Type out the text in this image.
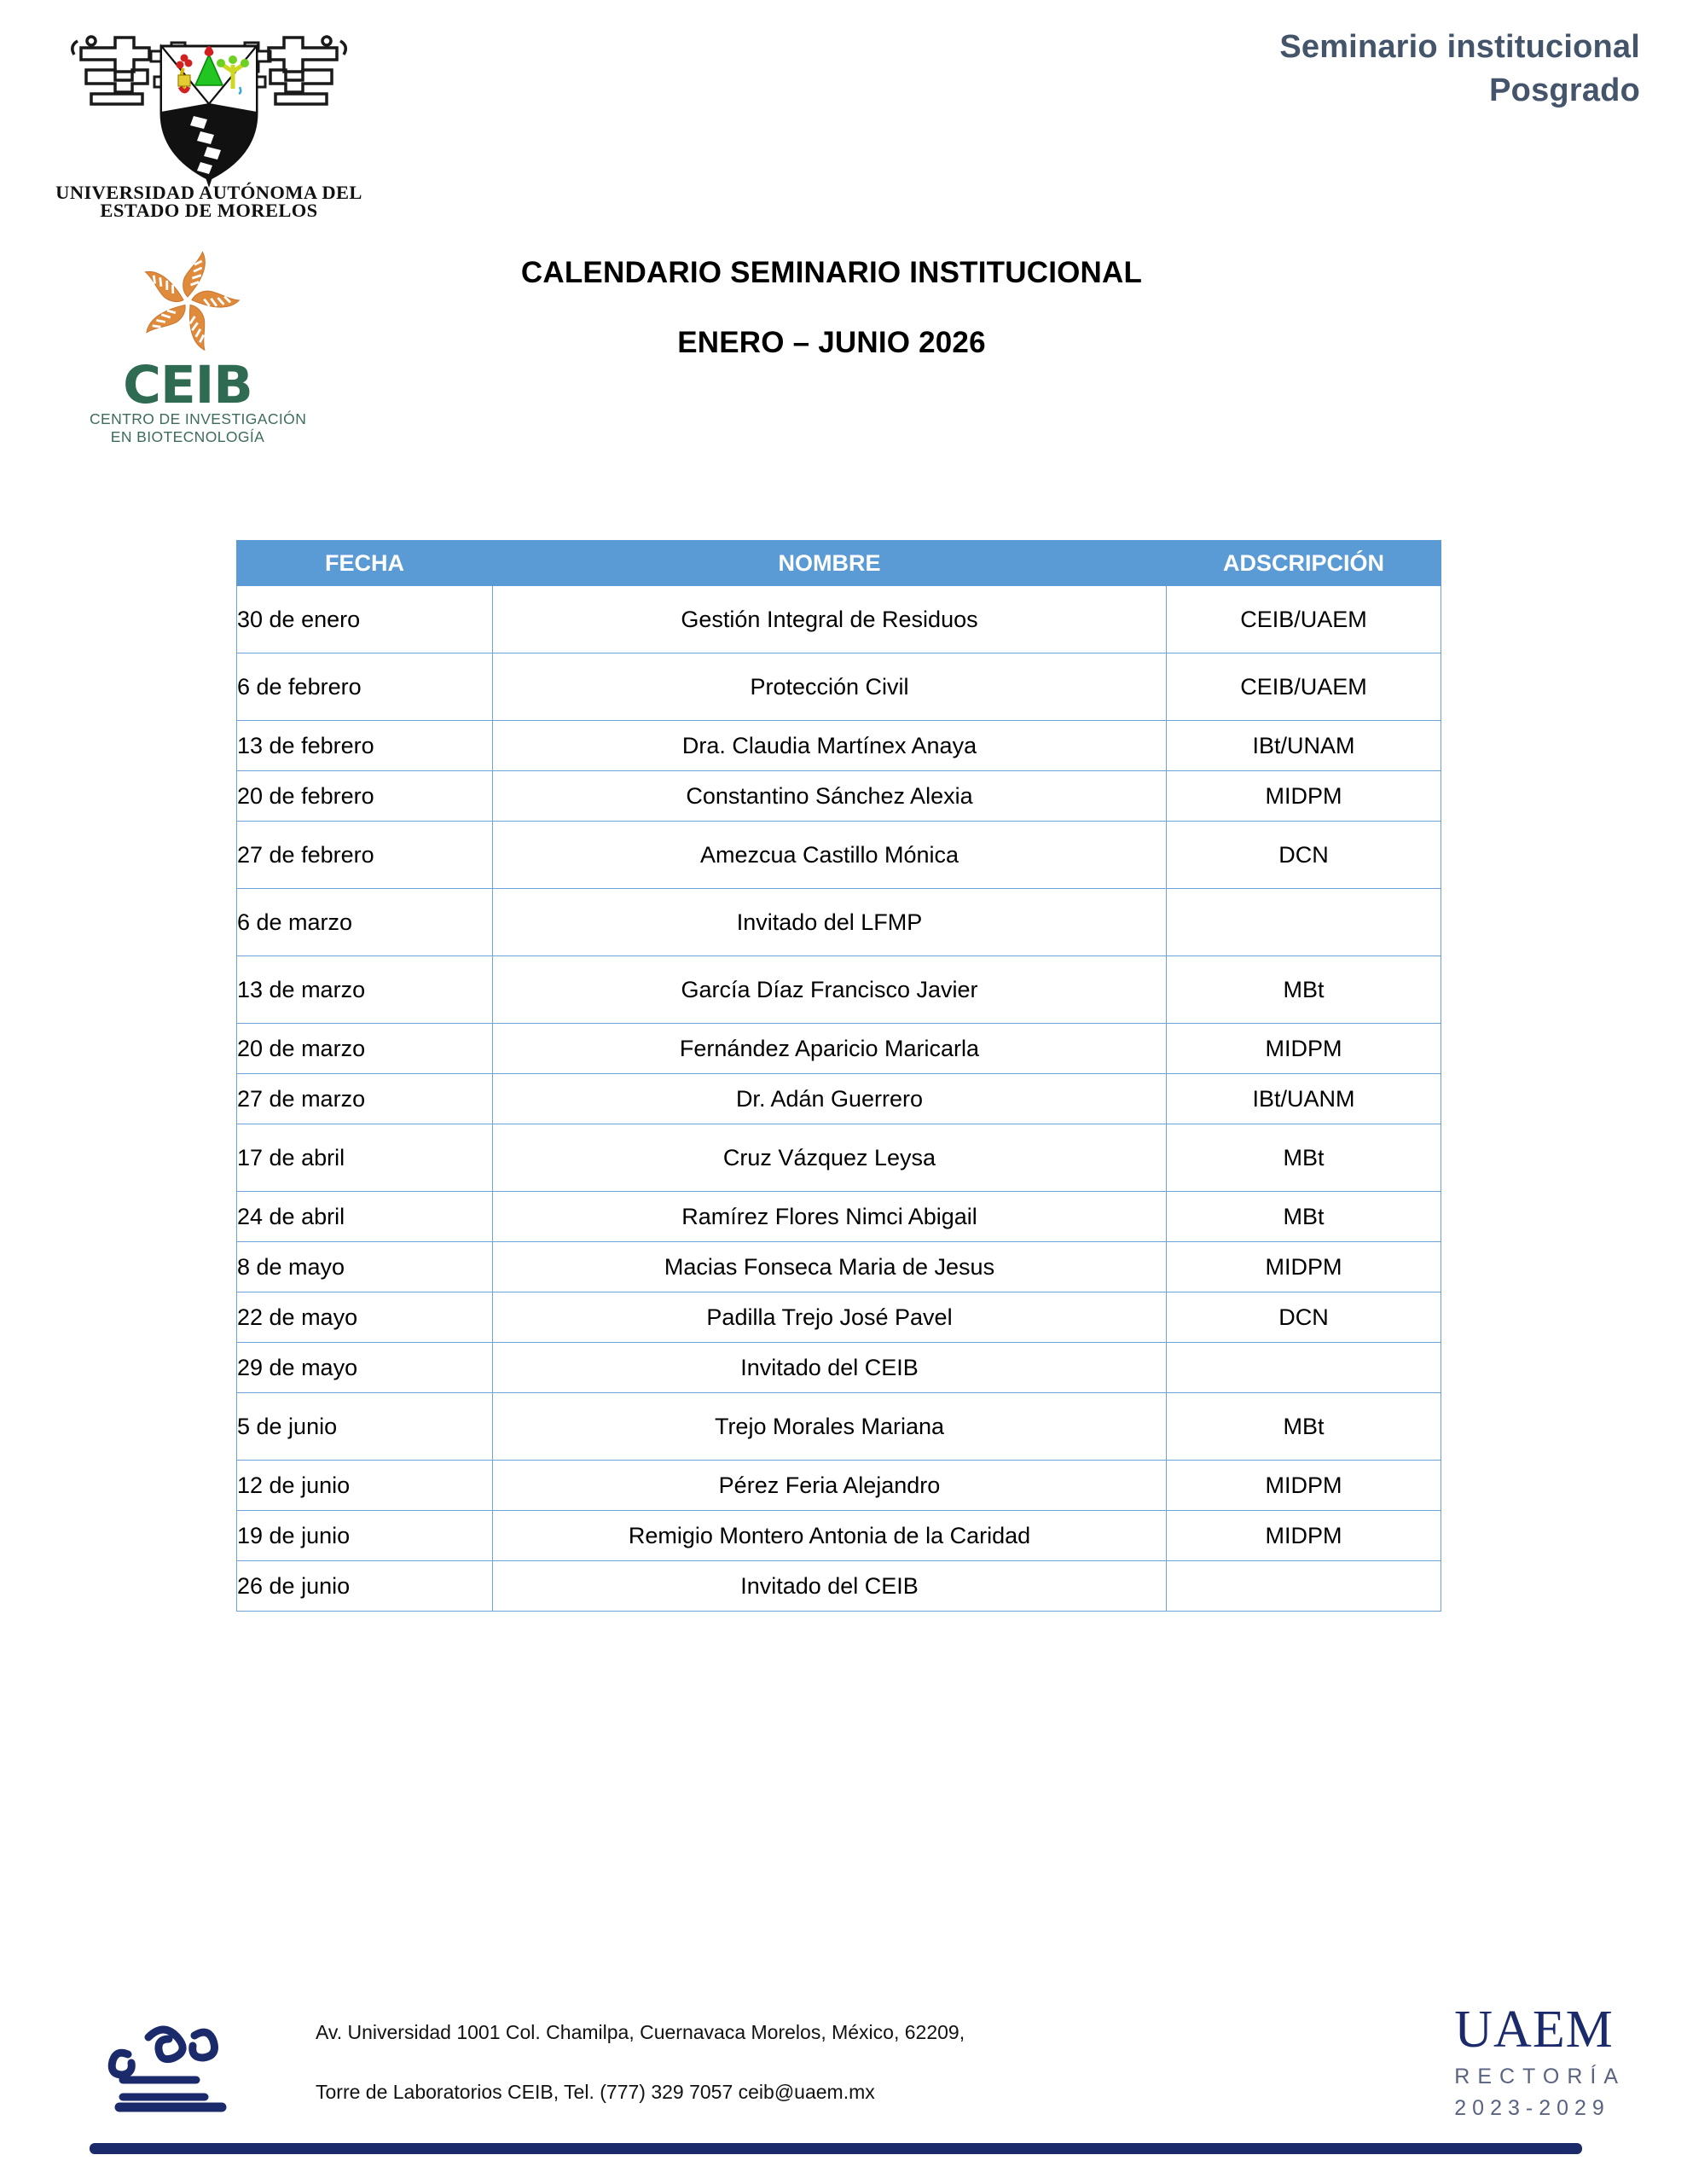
UNIVERSIDAD AUTÓNOMA DEL
ESTADO DE MORELOS
Seminario institucional
Posgrado
CEIB
CENTRO DE INVESTIGACIÓN
EN BIOTECNOLOGÍA
CALENDARIO SEMINARIO INSTITUCIONAL
ENERO – JUNIO 2026
FECHA	NOMBRE	ADSCRIPCIÓN
30 de enero	Gestión Integral de Residuos	CEIB/UAEM
6 de febrero	Protección Civil	CEIB/UAEM
13 de febrero	Dra. Claudia Martínex Anaya	IBt/UNAM
20 de febrero	Constantino Sánchez Alexia	MIDPM
27 de febrero	Amezcua Castillo Mónica	DCN
6 de marzo	Invitado del LFMP	
13 de marzo	García Díaz Francisco Javier	MBt
20 de marzo	Fernández Aparicio Maricarla	MIDPM
27 de marzo	Dr. Adán Guerrero	IBt/UANM
17 de abril	Cruz Vázquez Leysa	MBt
24 de abril	Ramírez Flores Nimci Abigail	MBt
8 de mayo	Macias Fonseca Maria de Jesus	MIDPM
22 de mayo	Padilla Trejo José Pavel	DCN
29 de mayo	Invitado del CEIB	
5 de junio	Trejo Morales Mariana	MBt
12 de junio	Pérez Feria Alejandro	MIDPM
19 de junio	Remigio Montero Antonia de la Caridad	MIDPM
26 de junio	Invitado del CEIB	
Av. Universidad 1001 Col. Chamilpa, Cuernavaca Morelos, México, 62209,
Torre de Laboratorios CEIB, Tel. (777) 329 7057 ceib@uaem.mx
UAEM
RECTORÍA
2023-2029
